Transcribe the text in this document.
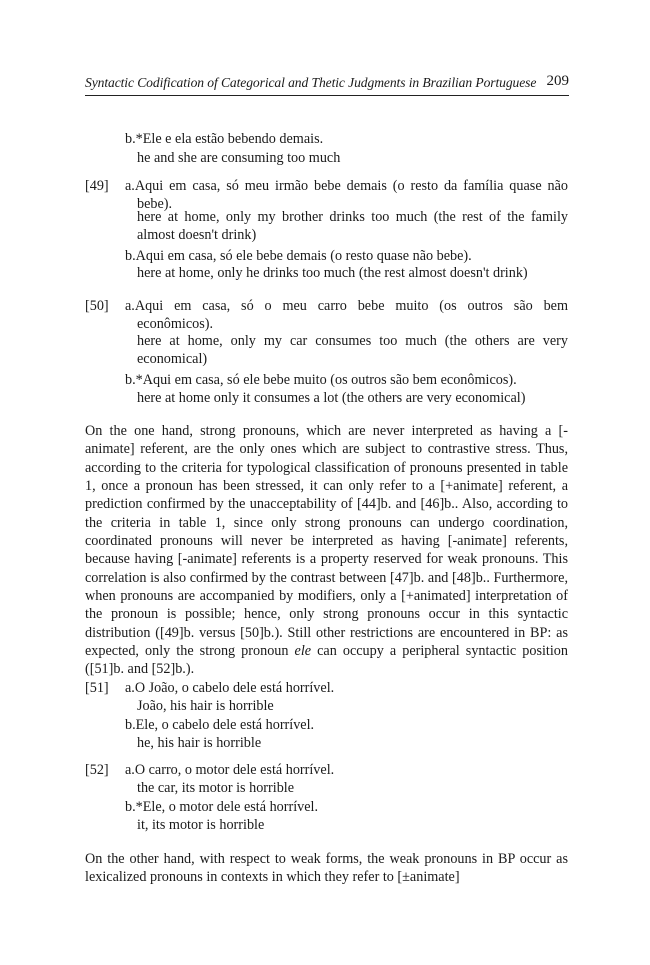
Syntactic Codification of Categorical and Thetic Judgments in Brazilian Portuguese 209
b.*Ele e ela estão bebendo demais.
he and she are consuming too much
[49] a.Aqui em casa, só meu irmão bebe demais (o resto da família quase não
bebe).
here at home, only my brother drinks too much (the rest of the family
almost doesn't drink)
b.Aqui em casa, só ele bebe demais (o resto quase não bebe).
here at home, only he drinks too much (the rest almost doesn't drink)
[50] a.Aqui em casa, só o meu carro bebe muito (os outros são bem
econômicos).
here at home, only my car consumes too much (the others are very
economical)
b.*Aqui em casa, só ele bebe muito (os outros são bem econômicos).
here at home only it consumes a lot (the others are very economical)

On the one hand, strong pronouns, which are never interpreted as having a [-animate] referent, are the only ones which are subject to contrastive stress. Thus, according to the criteria for typological classification of pronouns presented in table 1, once a pronoun has been stressed, it can only refer to a [+animate] referent, a prediction confirmed by the unacceptability of [44]b. and [46]b.. Also, according to the criteria in table 1, since only strong pronouns can undergo coordination, coordinated pronouns will never be interpreted as having [-animate] referents, because having [-animate] referents is a property reserved for weak pronouns. This correlation is also confirmed by the contrast between [47]b. and [48]b.. Furthermore, when pronouns are accompanied by modifiers, only a [+animated] interpretation of the pronoun is possible; hence, only strong pronouns occur in this syntactic distribution ([49]b. versus [50]b.). Still other restrictions are encountered in BP: as expected, only the strong pronoun ele can occupy a peripheral syntactic position ([51]b. and [52]b.).

[51] a.O João, o cabelo dele está horrível.
João, his hair is horrible
b.Ele, o cabelo dele está horrível.
he, his hair is horrible
[52] a.O carro, o motor dele está horrível.
the car, its motor is horrible
b.*Ele, o motor dele está horrível.
it, its motor is horrible

On the other hand, with respect to weak forms, the weak pronouns in BP occur as lexicalized pronouns in contexts in which they refer to [±animate]
